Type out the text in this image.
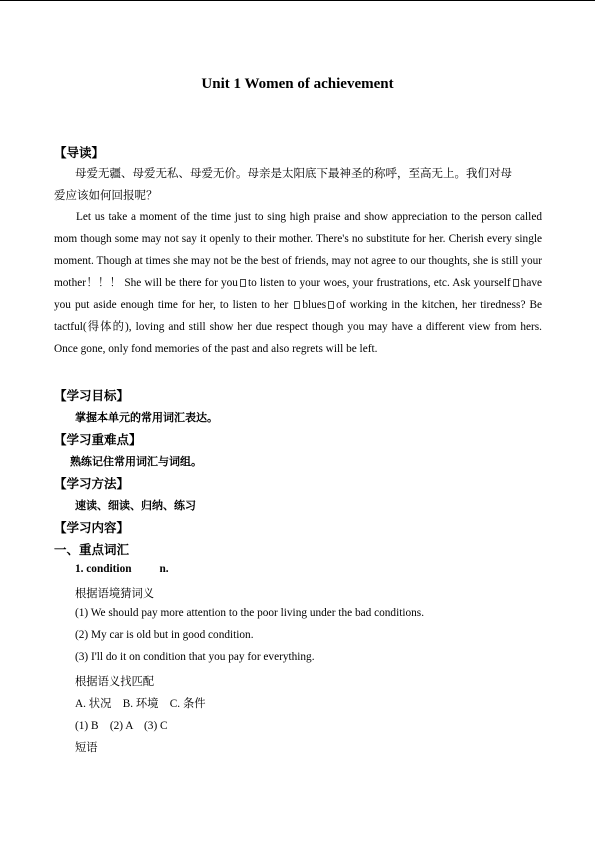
Unit 1 Women of achievement
【导读】
母爱无疆、母爱无私、母爱无价。母亲是太阳底下最神圣的称呼，至高无上。我们对母
爱应该如何回报呢？

Let us take a moment of the time just to sing high praise and show appreciation to the person called mom though some may not say it openly to their mother. There's no substitute for her. Cherish every single moment. Though at times she may not be the best of friends, may not agree to our thoughts, she is still your mother！！！ She will be there for you to listen to your woes, your frustrations, etc. Ask yourself have you put aside enough time for her, to listen to her blues of working in the kitchen, her tiredness? Be tactful(得体的), loving and still show her due respect though you may have a different view from hers. Once gone, only fond memories of the past and also regrets will be left.

【学习目标】
掌握本单元的常用词汇表达。
【学习重难点】
熟练记住常用词汇与词组。
【学习方法】
速读、细读、归纳、练习
【学习内容】
一、重点词汇
1. condition n.
根据语境猜词义
(1) We should pay more attention to the poor living under the bad conditions.
(2) My car is old but in good condition.
(3) I'll do it on condition that you pay for everything.
根据语义找匹配
A. 状况　B. 环境　C. 条件
(1) B　(2) A　(3) C
短语
